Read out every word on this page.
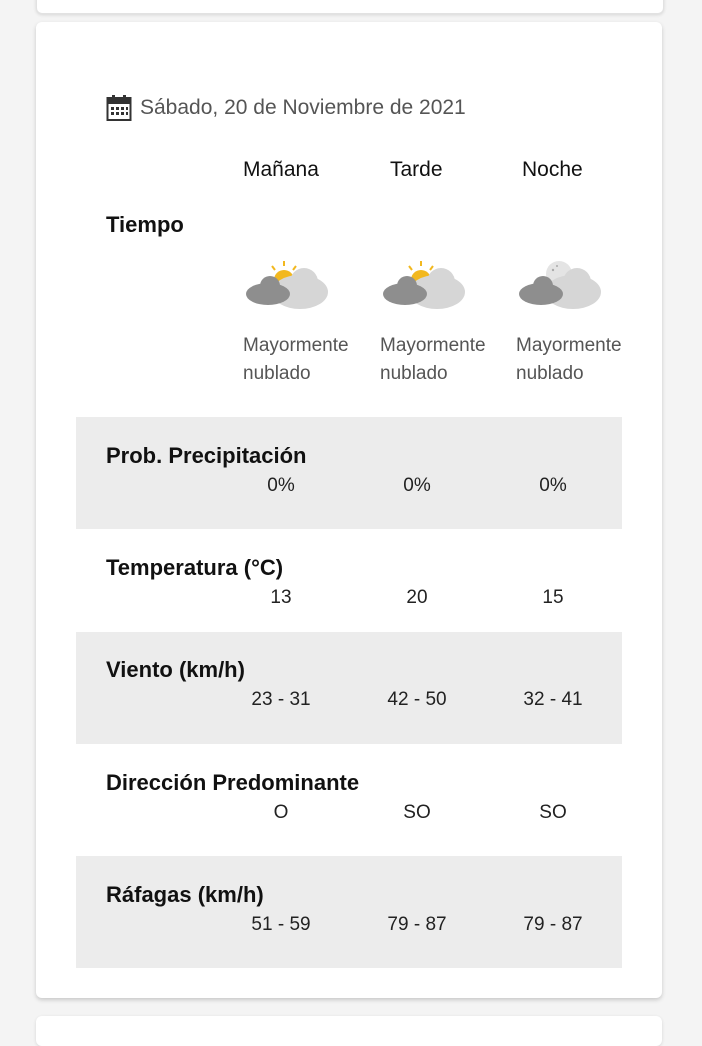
Sábado, 20 de Noviembre de 2021
Mañana	Tarde	Noche
Tiempo
Mayormente
nublado
Mayormente
nublado
Mayormente
nublado
Prob. Precipitación
0%	0%	0%
Temperatura (°C)
13	20	15
Viento (km/h)
23 - 31	42 - 50	32 - 41
Dirección Predominante
O	SO	SO
Ráfagas (km/h)
51 - 59	79 - 87	79 - 87
